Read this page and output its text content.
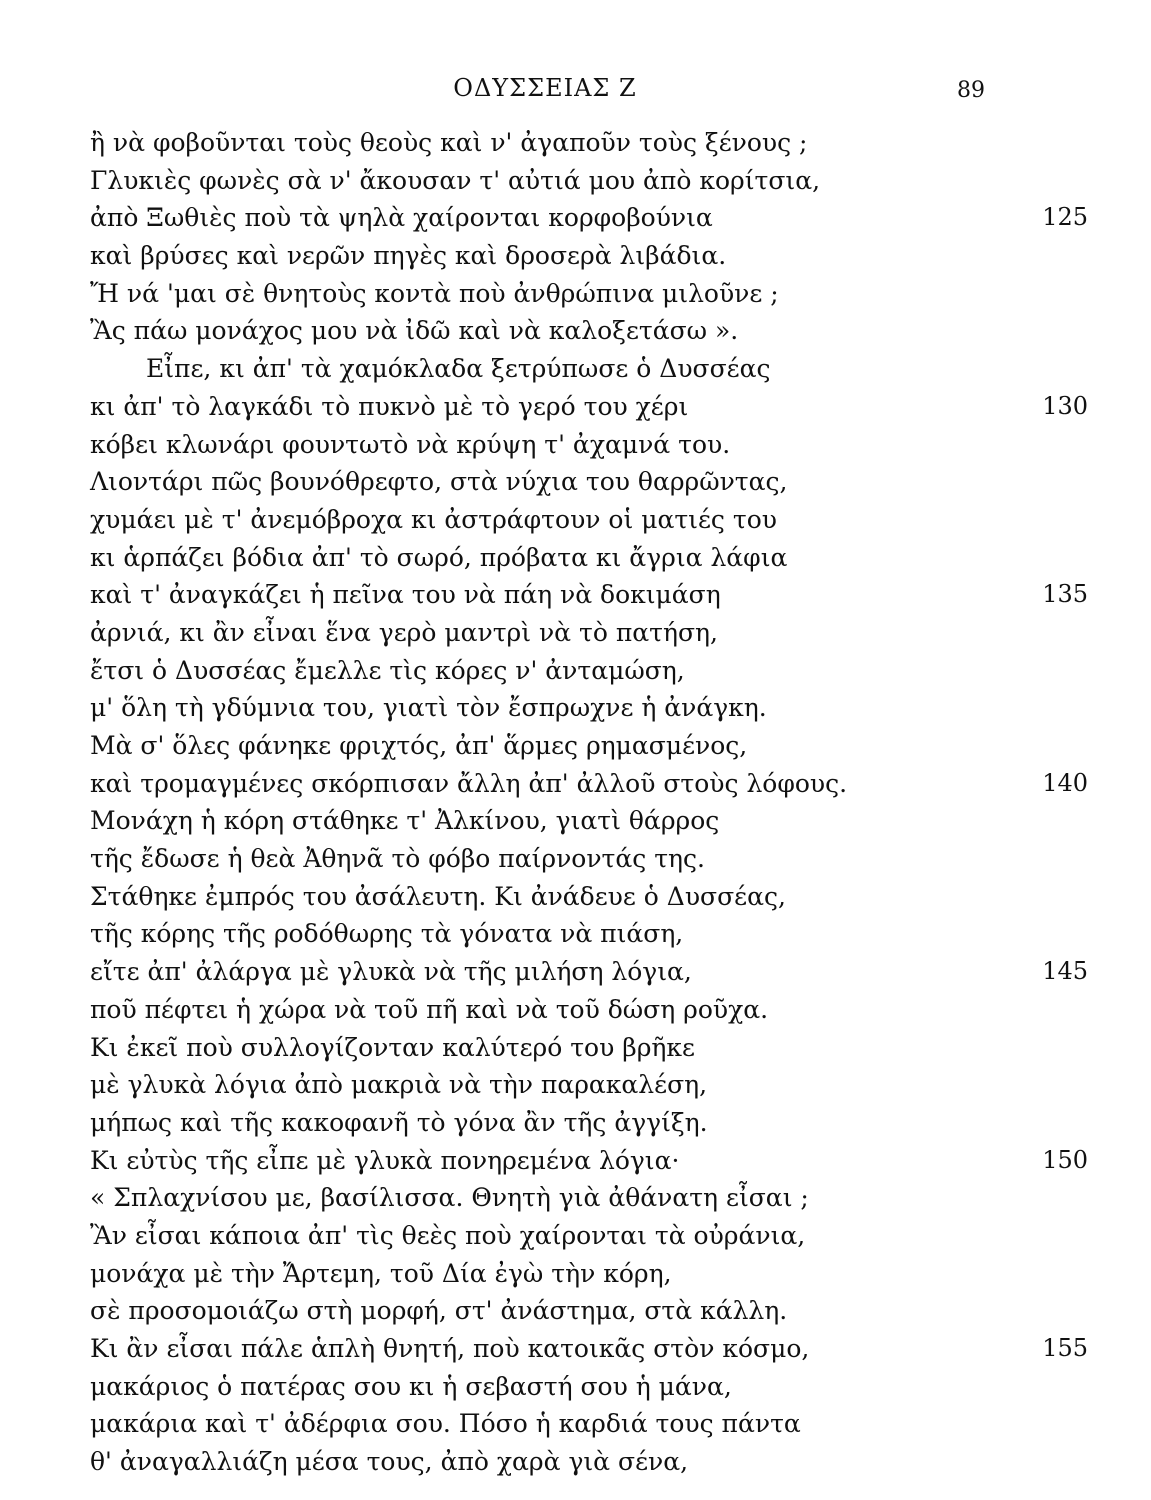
ΟΔΥΣΣΕΙΑΣ Ζ	89
ἢ νὰ φοβοῦνται τοὺς θεοὺς καὶ ν' ἀγαποῦν τοὺς ξένους ;
Γλυκιὲς φωνὲς σὰ ν' ἄκουσαν τ' αὐτιά μου ἀπὸ κορίτσια,
ἀπὸ Ξωθιὲς ποὺ τὰ ψηλὰ χαίρονται κορφοβούνια	125
καὶ βρύσες καὶ νερῶν πηγὲς καὶ δροσερὰ λιβάδια.
Ἤ νά 'μαι σὲ θνητοὺς κοντὰ ποὺ ἀνθρώπινα μιλοῦνε ;
Ἂς πάω μονάχος μου νὰ ἰδῶ καὶ νὰ καλοξετάσω ».
Εἶπε, κι ἀπ' τὰ χαμόκλαδα ξετρύπωσε ὁ Δυσσέας
κι ἀπ' τὸ λαγκάδι τὸ πυκνὸ μὲ τὸ γερό του χέρι	130
κόβει κλωνάρι φουντωτὸ νὰ κρύψη τ' ἀχαμνά του.
Λιοντάρι πῶς βουνόθρεφτο, στὰ νύχια του θαρρῶντας,
χυμάει μὲ τ' ἀνεμόβροχα κι ἀστράφτουν οἱ ματιές του
κι ἁρπάζει βόδια ἀπ' τὸ σωρό, πρόβατα κι ἄγρια λάφια
καὶ τ' ἀναγκάζει ἡ πεῖνα του νὰ πάη νὰ δοκιμάση	135
ἀρνιά, κι ἂν εἶναι ἕνα γερὸ μαντρὶ νὰ τὸ πατήση,
ἔτσι ὁ Δυσσέας ἔμελλε τὶς κόρες ν' ἀνταμώση,
μ' ὅλη τὴ γδύμνια του, γιατὶ τὸν ἔσπρωχνε ἡ ἀνάγκη.
Μὰ σ' ὅλες φάνηκε φριχτός, ἀπ' ἅρμες ρημασμένος,
καὶ τρομαγμένες σκόρπισαν ἄλλη ἀπ' ἀλλοῦ στοὺς λόφους.	140
Μονάχη ἡ κόρη στάθηκε τ' Ἀλκίνου, γιατὶ θάρρος
τῆς ἔδωσε ἡ θεὰ Ἀθηνᾶ τὸ φόβο παίρνοντάς της.
Στάθηκε ἐμπρός του ἀσάλευτη. Κι ἀνάδευε ὁ Δυσσέας,
τῆς κόρης τῆς ροδόθωρης τὰ γόνατα νὰ πιάση,
εἴτε ἀπ' ἀλάργα μὲ γλυκὰ νὰ τῆς μιλήση λόγια,	145
ποῦ πέφτει ἡ χώρα νὰ τοῦ πῆ καὶ νὰ τοῦ δώση ροῦχα.
Κι ἐκεῖ ποὺ συλλογίζονταν καλύτερό του βρῆκε
μὲ γλυκὰ λόγια ἀπὸ μακριὰ νὰ τὴν παρακαλέση,
μήπως καὶ τῆς κακοφανῆ τὸ γόνα ἂν τῆς ἀγγίξη.
Κι εὐτὺς τῆς εἶπε μὲ γλυκὰ πονηρεμένα λόγια·	150
« Σπλαχνίσου με, βασίλισσα. Θνητὴ γιὰ ἀθάνατη εἶσαι ;
Ἂν εἶσαι κάποια ἀπ' τὶς θεὲς ποὺ χαίρονται τὰ οὐράνια,
μονάχα μὲ τὴν Ἄρτεμη, τοῦ Δία ἐγὼ τὴν κόρη,
σὲ προσομοιάζω στὴ μορφή, στ' ἀνάστημα, στὰ κάλλη.
Κι ἂν εἶσαι πάλε ἁπλὴ θνητή, ποὺ κατοικᾶς στὸν κόσμο,	155
μακάριος ὁ πατέρας σου κι ἡ σεβαστή σου ἡ μάνα,
μακάρια καὶ τ' ἀδέρφια σου. Πόσο ἡ καρδιά τους πάντα
θ' ἀναγαλλιάζη μέσα τους, ἀπὸ χαρὰ γιὰ σένα,
